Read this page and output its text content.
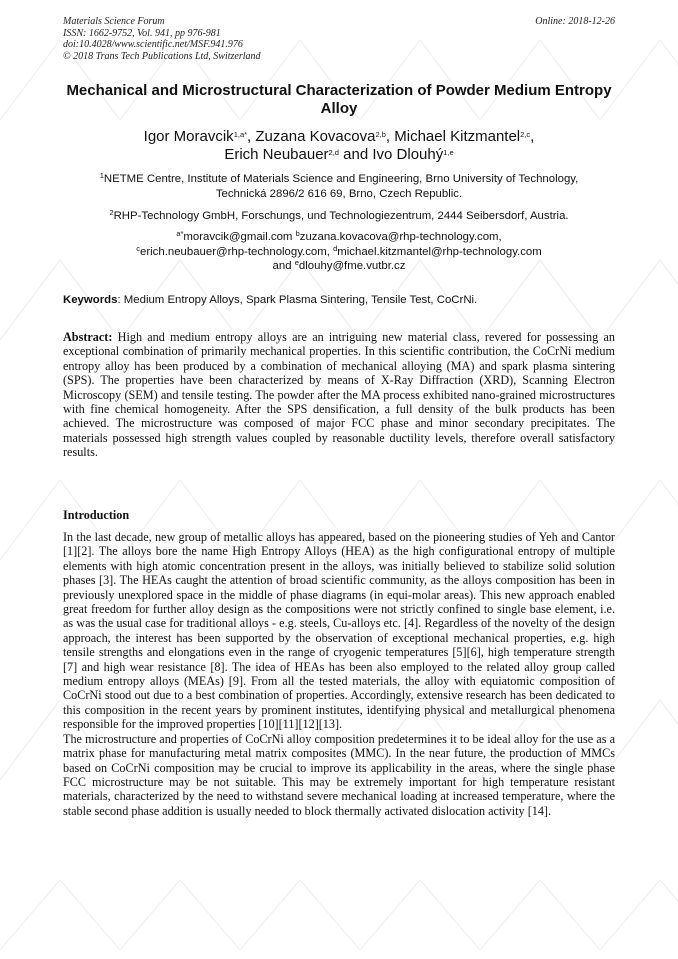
Materials Science Forum
ISSN: 1662-9752, Vol. 941, pp 976-981
doi:10.4028/www.scientific.net/MSF.941.976
© 2018 Trans Tech Publications Ltd, Switzerland
Online: 2018-12-26
Mechanical and Microstructural Characterization of Powder Medium Entropy Alloy
Igor Moravcik$^{1,a*}$, Zuzana Kovacova$^{2,b}$, Michael Kitzmantel$^{2,c}$,
Erich Neubauer$^{2,d}$ and Ivo Dlouhý$^{1,e}$
$^1$NETME Centre, Institute of Materials Science and Engineering, Brno University of Technology,
Technická 2896/2 616 69, Brno, Czech Republic.
$^2$RHP-Technology GmbH, Forschungs, und Technologiezentrum, 2444 Seibersdorf, Austria.
$^{a*}$moravcik@gmail.com $^b$zuzana.kovacova@rhp-technology.com,
$^c$erich.neubauer@rhp-technology.com, $^d$michael.kitzmantel@rhp-technology.com
and $^e$dlouhy@fme.vutbr.cz
Keywords: Medium Entropy Alloys, Spark Plasma Sintering, Tensile Test, CoCrNi.
Abstract: High and medium entropy alloys are an intriguing new material class, revered for possessing an exceptional combination of primarily mechanical properties. In this scientific contribution, the CoCrNi medium entropy alloy has been produced by a combination of mechanical alloying (MA) and spark plasma sintering (SPS). The properties have been characterized by means of X-Ray Diffraction (XRD), Scanning Electron Microscopy (SEM) and tensile testing. The powder after the MA process exhibited nano-grained microstructures with fine chemical homogeneity. After the SPS densification, a full density of the bulk products has been achieved. The microstructure was composed of major FCC phase and minor secondary precipitates. The materials possessed high strength values coupled by reasonable ductility levels, therefore overall satisfactory results.
Introduction

In the last decade, new group of metallic alloys has appeared, based on the pioneering studies of Yeh and Cantor [1][2]. The alloys bore the name High Entropy Alloys (HEA) as the high configurational entropy of multiple elements with high atomic concentration present in the alloys, was initially believed to stabilize solid solution phases [3]. The HEAs caught the attention of broad scientific community, as the alloys composition has been in previously unexplored space in the middle of phase diagrams (in equi-molar areas). This new approach enabled great freedom for further alloy design as the compositions were not strictly confined to single base element, i.e. as was the usual case for traditional alloys - e.g. steels, Cu-alloys etc. [4]. Regardless of the novelty of the design approach, the interest has been supported by the observation of exceptional mechanical properties, e.g. high tensile strengths and elongations even in the range of cryogenic temperatures [5][6], high temperature strength [7] and high wear resistance [8]. The idea of HEAs has been also employed to the related alloy group called medium entropy alloys (MEAs) [9]. From all the tested materials, the alloy with equiatomic composition of CoCrNi stood out due to a best combination of properties. Accordingly, extensive research has been dedicated to this composition in the recent years by prominent institutes, identifying physical and metallurgical phenomena responsible for the improved properties [10][11][12][13].

The microstructure and properties of CoCrNi alloy composition predetermines it to be ideal alloy for the use as a matrix phase for manufacturing metal matrix composites (MMC). In the near future, the production of MMCs based on CoCrNi composition may be crucial to improve its applicability in the areas, where the single phase FCC microstructure may be not suitable. This may be extremely important for high temperature resistant materials, characterized by the need to withstand severe mechanical loading at increased temperature, where the stable second phase addition is usually needed to block thermally activated dislocation activity [14].
